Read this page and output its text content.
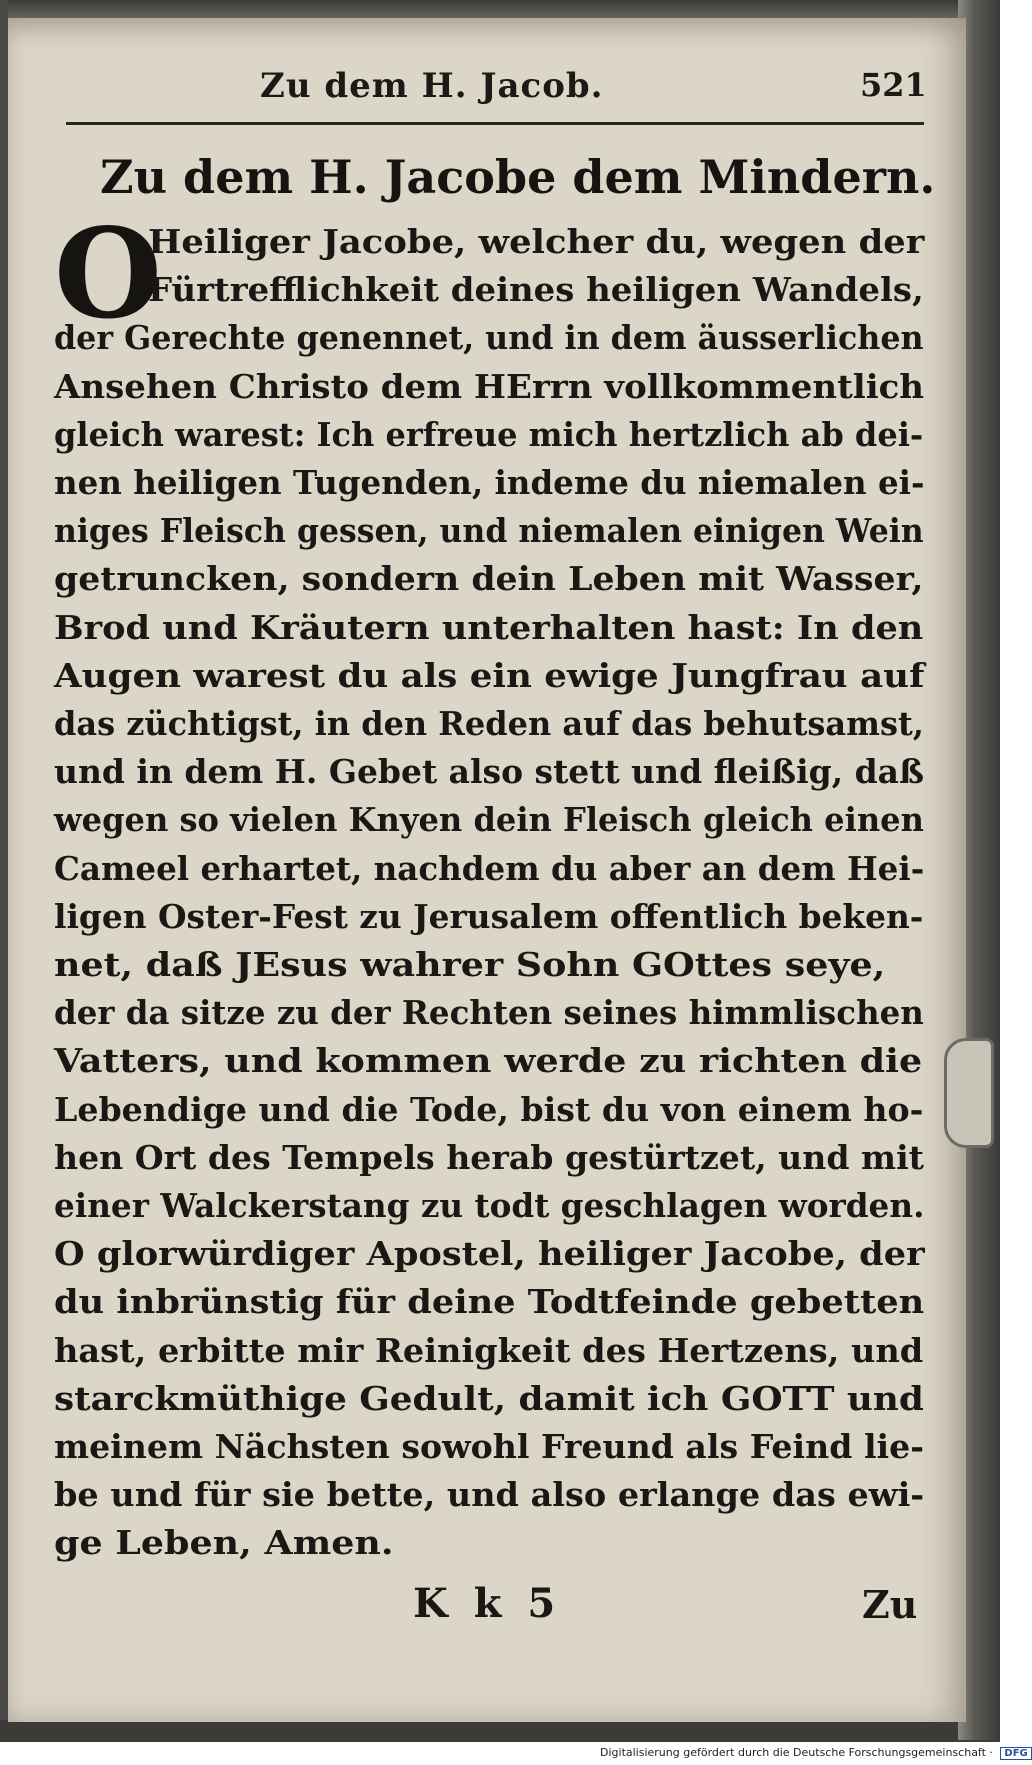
Zu dem H. Jacob.	521
Zu dem H. Jacobe dem Mindern.
O
Heiliger Jacobe, welcher du, wegen der
Fürtrefflichkeit deines heiligen Wandels,
der Gerechte genennet, und in dem äusserlichen
Ansehen Christo dem HErrn vollkommentlich
gleich warest: Ich erfreue mich hertzlich ab dei-
nen heiligen Tugenden, indeme du niemalen ei-
niges Fleisch gessen, und niemalen einigen Wein
getruncken, sondern dein Leben mit Wasser,
Brod und Kräutern unterhalten hast: In den
Augen warest du als ein ewige Jungfrau auf
das züchtigst, in den Reden auf das behutsamst,
und in dem H. Gebet also stett und fleißig, daß
wegen so vielen Knyen dein Fleisch gleich einen
Cameel erhartet, nachdem du aber an dem Hei-
ligen Oster-Fest zu Jerusalem offentlich beken-
net, daß JEsus wahrer Sohn GOttes seye,
der da sitze zu der Rechten seines himmlischen
Vatters, und kommen werde zu richten die
Lebendige und die Tode, bist du von einem ho-
hen Ort des Tempels herab gestürtzet, und mit
einer Walckerstang zu todt geschlagen worden.
O glorwürdiger Apostel, heiliger Jacobe, der
du inbrünstig für deine Todtfeinde gebetten
hast, erbitte mir Reinigkeit des Hertzens, und
starckmüthige Gedult, damit ich GOTT und
meinem Nächsten sowohl Freund als Feind lie-
be und für sie bette, und also erlange das ewi-
ge Leben, Amen.
K k 5	Zu
Digitalisierung gefördert durch die Deutsche Forschungsgemeinschaft · DFG
